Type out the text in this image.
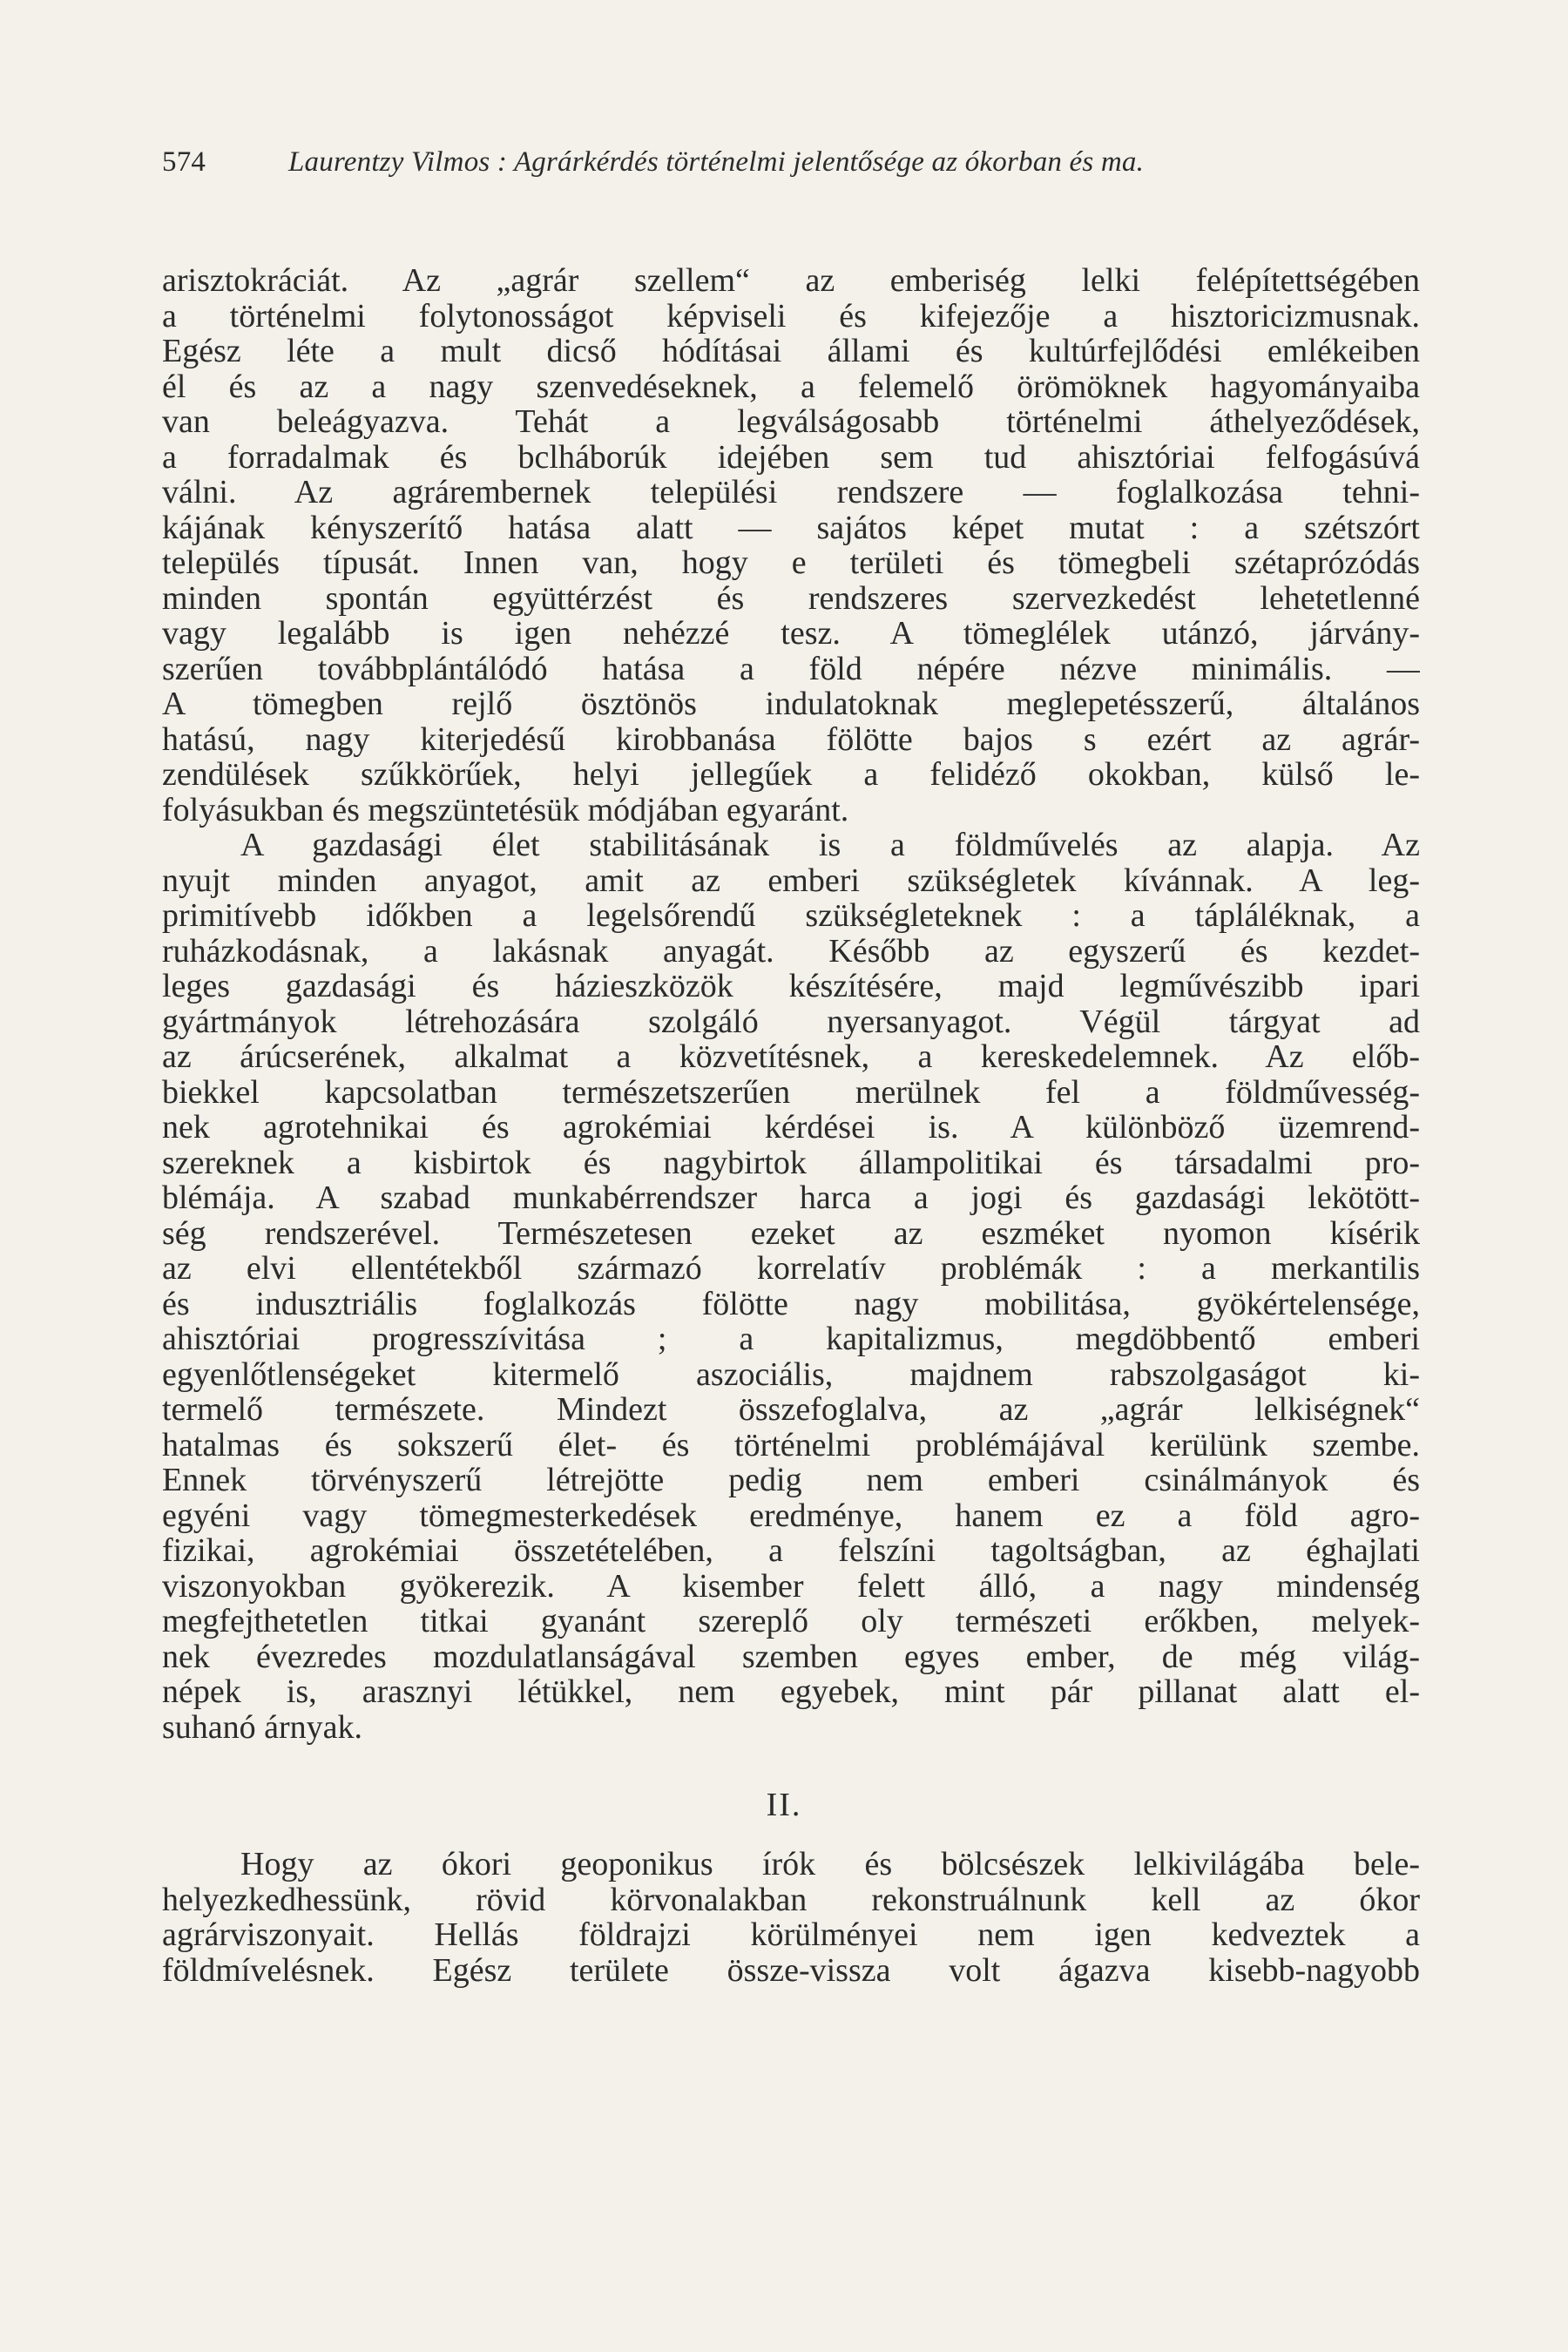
574	Laurentzy Vilmos : Agrárkérdés történelmi jelentősége az ókorban és ma.
arisztokráciát. Az „agrár szellem“ az emberiség lelki felépítettségében
a történelmi folytonosságot képviseli és kifejezője a hisztoricizmusnak.
Egész léte a mult dicső hódításai állami és kultúrfejlődési emlékeiben
él és az a nagy szenvedéseknek, a felemelő örömöknek hagyományaiba
van beleágyazva. Tehát a legválságosabb történelmi áthelyeződések,
a forradalmak és bclháborúk idejében sem tud ahisztóriai felfogásúvá
válni. Az agrárembernek települési rendszere — foglalkozása tehni-
kájának kényszerítő hatása alatt — sajátos képet mutat : a szétszórt
település típusát. Innen van, hogy e területi és tömegbeli szétaprózódás
minden spontán együttérzést és rendszeres szervezkedést lehetetlenné
vagy legalább is igen nehézzé tesz. A tömeglélek utánzó, járvány-
szerűen továbbplántálódó hatása a föld népére nézve minimális. —
A tömegben rejlő ösztönös indulatoknak meglepetésszerű, általános
hatású, nagy kiterjedésű kirobbanása fölötte bajos s ezért az agrár-
zendülések szűkkörűek, helyi jellegűek a felidéző okokban, külső le-
folyásukban és megszüntetésük módjában egyaránt.
A gazdasági élet stabilitásának is a földművelés az alapja. Az
nyujt minden anyagot, amit az emberi szükségletek kívánnak. A leg-
primitívebb időkben a legelsőrendű szükségleteknek : a tápláléknak, a
ruházkodásnak, a lakásnak anyagát. Később az egyszerű és kezdet-
leges gazdasági és házieszközök készítésére, majd legművészibb ipari
gyártmányok létrehozására szolgáló nyersanyagot. Végül tárgyat ad
az árúcserének, alkalmat a közvetítésnek, a kereskedelemnek. Az előb-
biekkel kapcsolatban természetszerűen merülnek fel a földművesség-
nek agrotehnikai és agrokémiai kérdései is. A különböző üzemrend-
szereknek a kisbirtok és nagybirtok állampolitikai és társadalmi pro-
blémája. A szabad munkabérrendszer harca a jogi és gazdasági lekötött-
ség rendszerével. Természetesen ezeket az eszméket nyomon kísérik
az elvi ellentétekből származó korrelatív problémák : a merkantilis
és indusztriális foglalkozás fölötte nagy mobilitása, gyökértelensége,
ahisztóriai progresszívitása ; a kapitalizmus, megdöbbentő emberi
egyenlőtlenségeket kitermelő aszociális, majdnem rabszolgaságot ki-
termelő természete. Mindezt összefoglalva, az „agrár lelkiségnek“
hatalmas és sokszerű élet- és történelmi problémájával kerülünk szembe.
Ennek törvényszerű létrejötte pedig nem emberi csinálmányok és
egyéni vagy tömegmesterkedések eredménye, hanem ez a föld agro-
fizikai, agrokémiai összetételében, a felszíni tagoltságban, az éghajlati
viszonyokban gyökerezik. A kisember felett álló, a nagy mindenség
megfejthetetlen titkai gyanánt szereplő oly természeti erőkben, melyek-
nek évezredes mozdulatlanságával szemben egyes ember, de még világ-
népek is, arasznyi létükkel, nem egyebek, mint pár pillanat alatt el-
suhanó árnyak.
II.
Hogy az ókori geoponikus írók és bölcsészek lelkivilágába bele-
helyezkedhessünk, rövid körvonalakban rekonstruálnunk kell az ókor
agrárviszonyait. Hellás földrajzi körülményei nem igen kedveztek a
földmívelésnek. Egész területe össze-vissza volt ágazva kisebb-nagyobb
